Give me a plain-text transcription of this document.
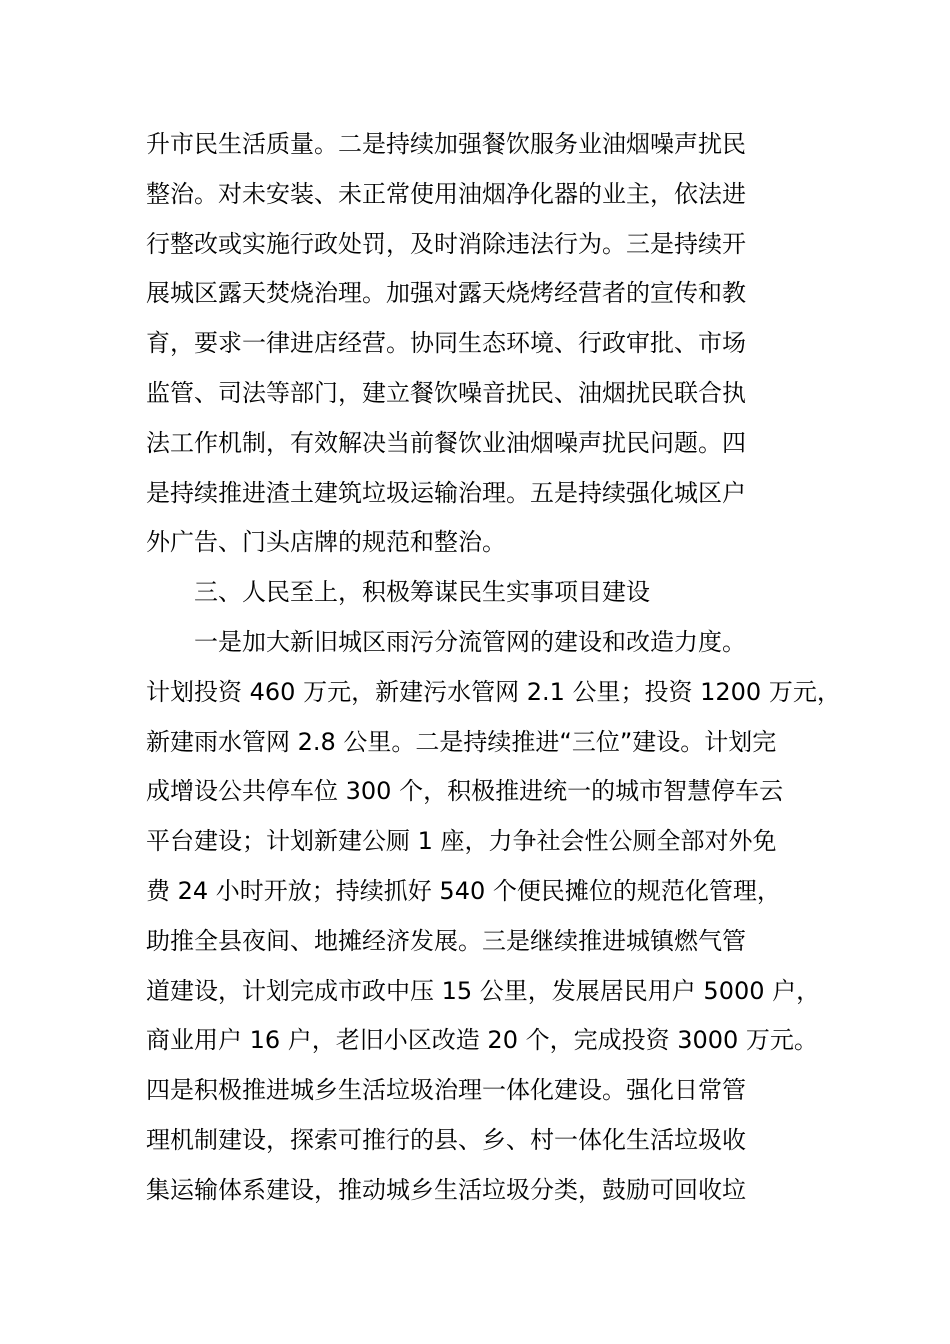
升市民生活质量。二是持续加强餐饮服务业油烟噪声扰民
整治。对未安装、未正常使用油烟净化器的业主，依法进
行整改或实施行政处罚，及时消除违法行为。三是持续开
展城区露天焚烧治理。加强对露天烧烤经营者的宣传和教
育，要求一律进店经营。协同生态环境、行政审批、市场
监管、司法等部门，建立餐饮噪音扰民、油烟扰民联合执
法工作机制，有效解决当前餐饮业油烟噪声扰民问题。四
是持续推进渣土建筑垃圾运输治理。五是持续强化城区户
外广告、门头店牌的规范和整治。
三、人民至上，积极筹谋民生实事项目建设
一是加大新旧城区雨污分流管网的建设和改造力度。
计划投资 460 万元，新建污水管网 2.1 公里；投资 1200 万元，
新建雨水管网 2.8 公里。二是持续推进“三位”建设。计划完
成增设公共停车位 300 个，积极推进统一的城市智慧停车云
平台建设；计划新建公厕 1 座，力争社会性公厕全部对外免
费 24 小时开放；持续抓好 540 个便民摊位的规范化管理，
助推全县夜间、地摊经济发展。三是继续推进城镇燃气管
道建设，计划完成市政中压 15 公里，发展居民用户 5000 户，
商业用户 16 户，老旧小区改造 20 个，完成投资 3000 万元。
四是积极推进城乡生活垃圾治理一体化建设。强化日常管
理机制建设，探索可推行的县、乡、村一体化生活垃圾收
集运输体系建设，推动城乡生活垃圾分类，鼓励可回收垃
